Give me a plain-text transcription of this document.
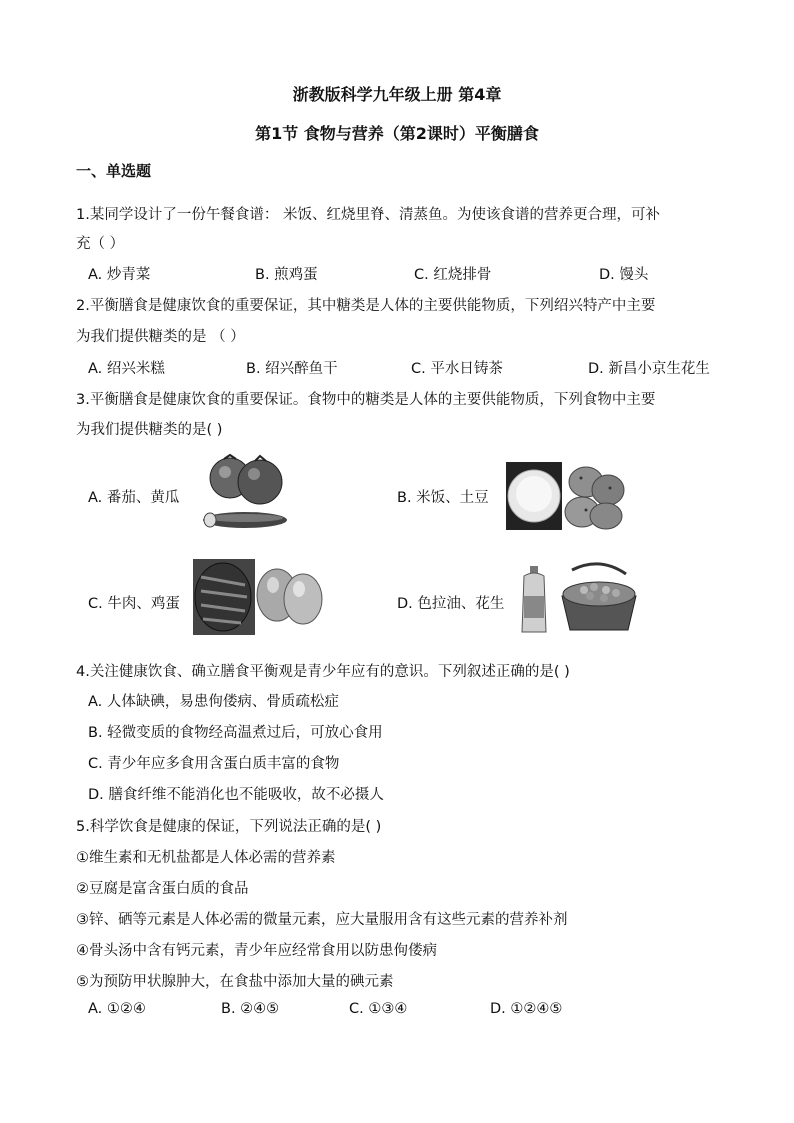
浙教版科学九年级上册 第4章
第1节 食物与营养（第2课时）平衡膳食
一、单选题
1.某同学设计了一份午餐食谱： 米饭、红烧里脊、清蒸鱼。为使该食谱的营养更合理，可补
充（ ）
A. 炒青菜	B. 煎鸡蛋	C. 红烧排骨	D. 馒头
2.平衡膳食是健康饮食的重要保证，其中糖类是人体的主要供能物质，下列绍兴特产中主要
为我们提供糖类的是 （ ）
A. 绍兴米糕	B. 绍兴醉鱼干	C. 平水日铸茶	D. 新昌小京生花生
3.平衡膳食是健康饮食的重要保证。食物中的糖类是人体的主要供能物质，下列食物中主要
为我们提供糖类的是( )
A. 番茄、黄瓜	B. 米饭、土豆
C. 牛肉、鸡蛋	D. 色拉油、花生
4.关注健康饮食、确立膳食平衡观是青少年应有的意识。下列叙述正确的是( )
A. 人体缺碘，易患佝偻病、骨质疏松症
B. 轻微变质的食物经高温煮过后，可放心食用
C. 青少年应多食用含蛋白质丰富的食物
D. 膳食纤维不能消化也不能吸收，故不必摄人
5.科学饮食是健康的保证，下列说法正确的是( )
①维生素和无机盐都是人体必需的营养素
②豆腐是富含蛋白质的食品
③锌、硒等元素是人体必需的微量元素，应大量服用含有这些元素的营养补剂
④骨头汤中含有钙元素，青少年应经常食用以防患佝偻病
⑤为预防甲状腺肿大，在食盐中添加大量的碘元素
A. ①②④	B. ②④⑤	C. ①③④	D. ①②④⑤
